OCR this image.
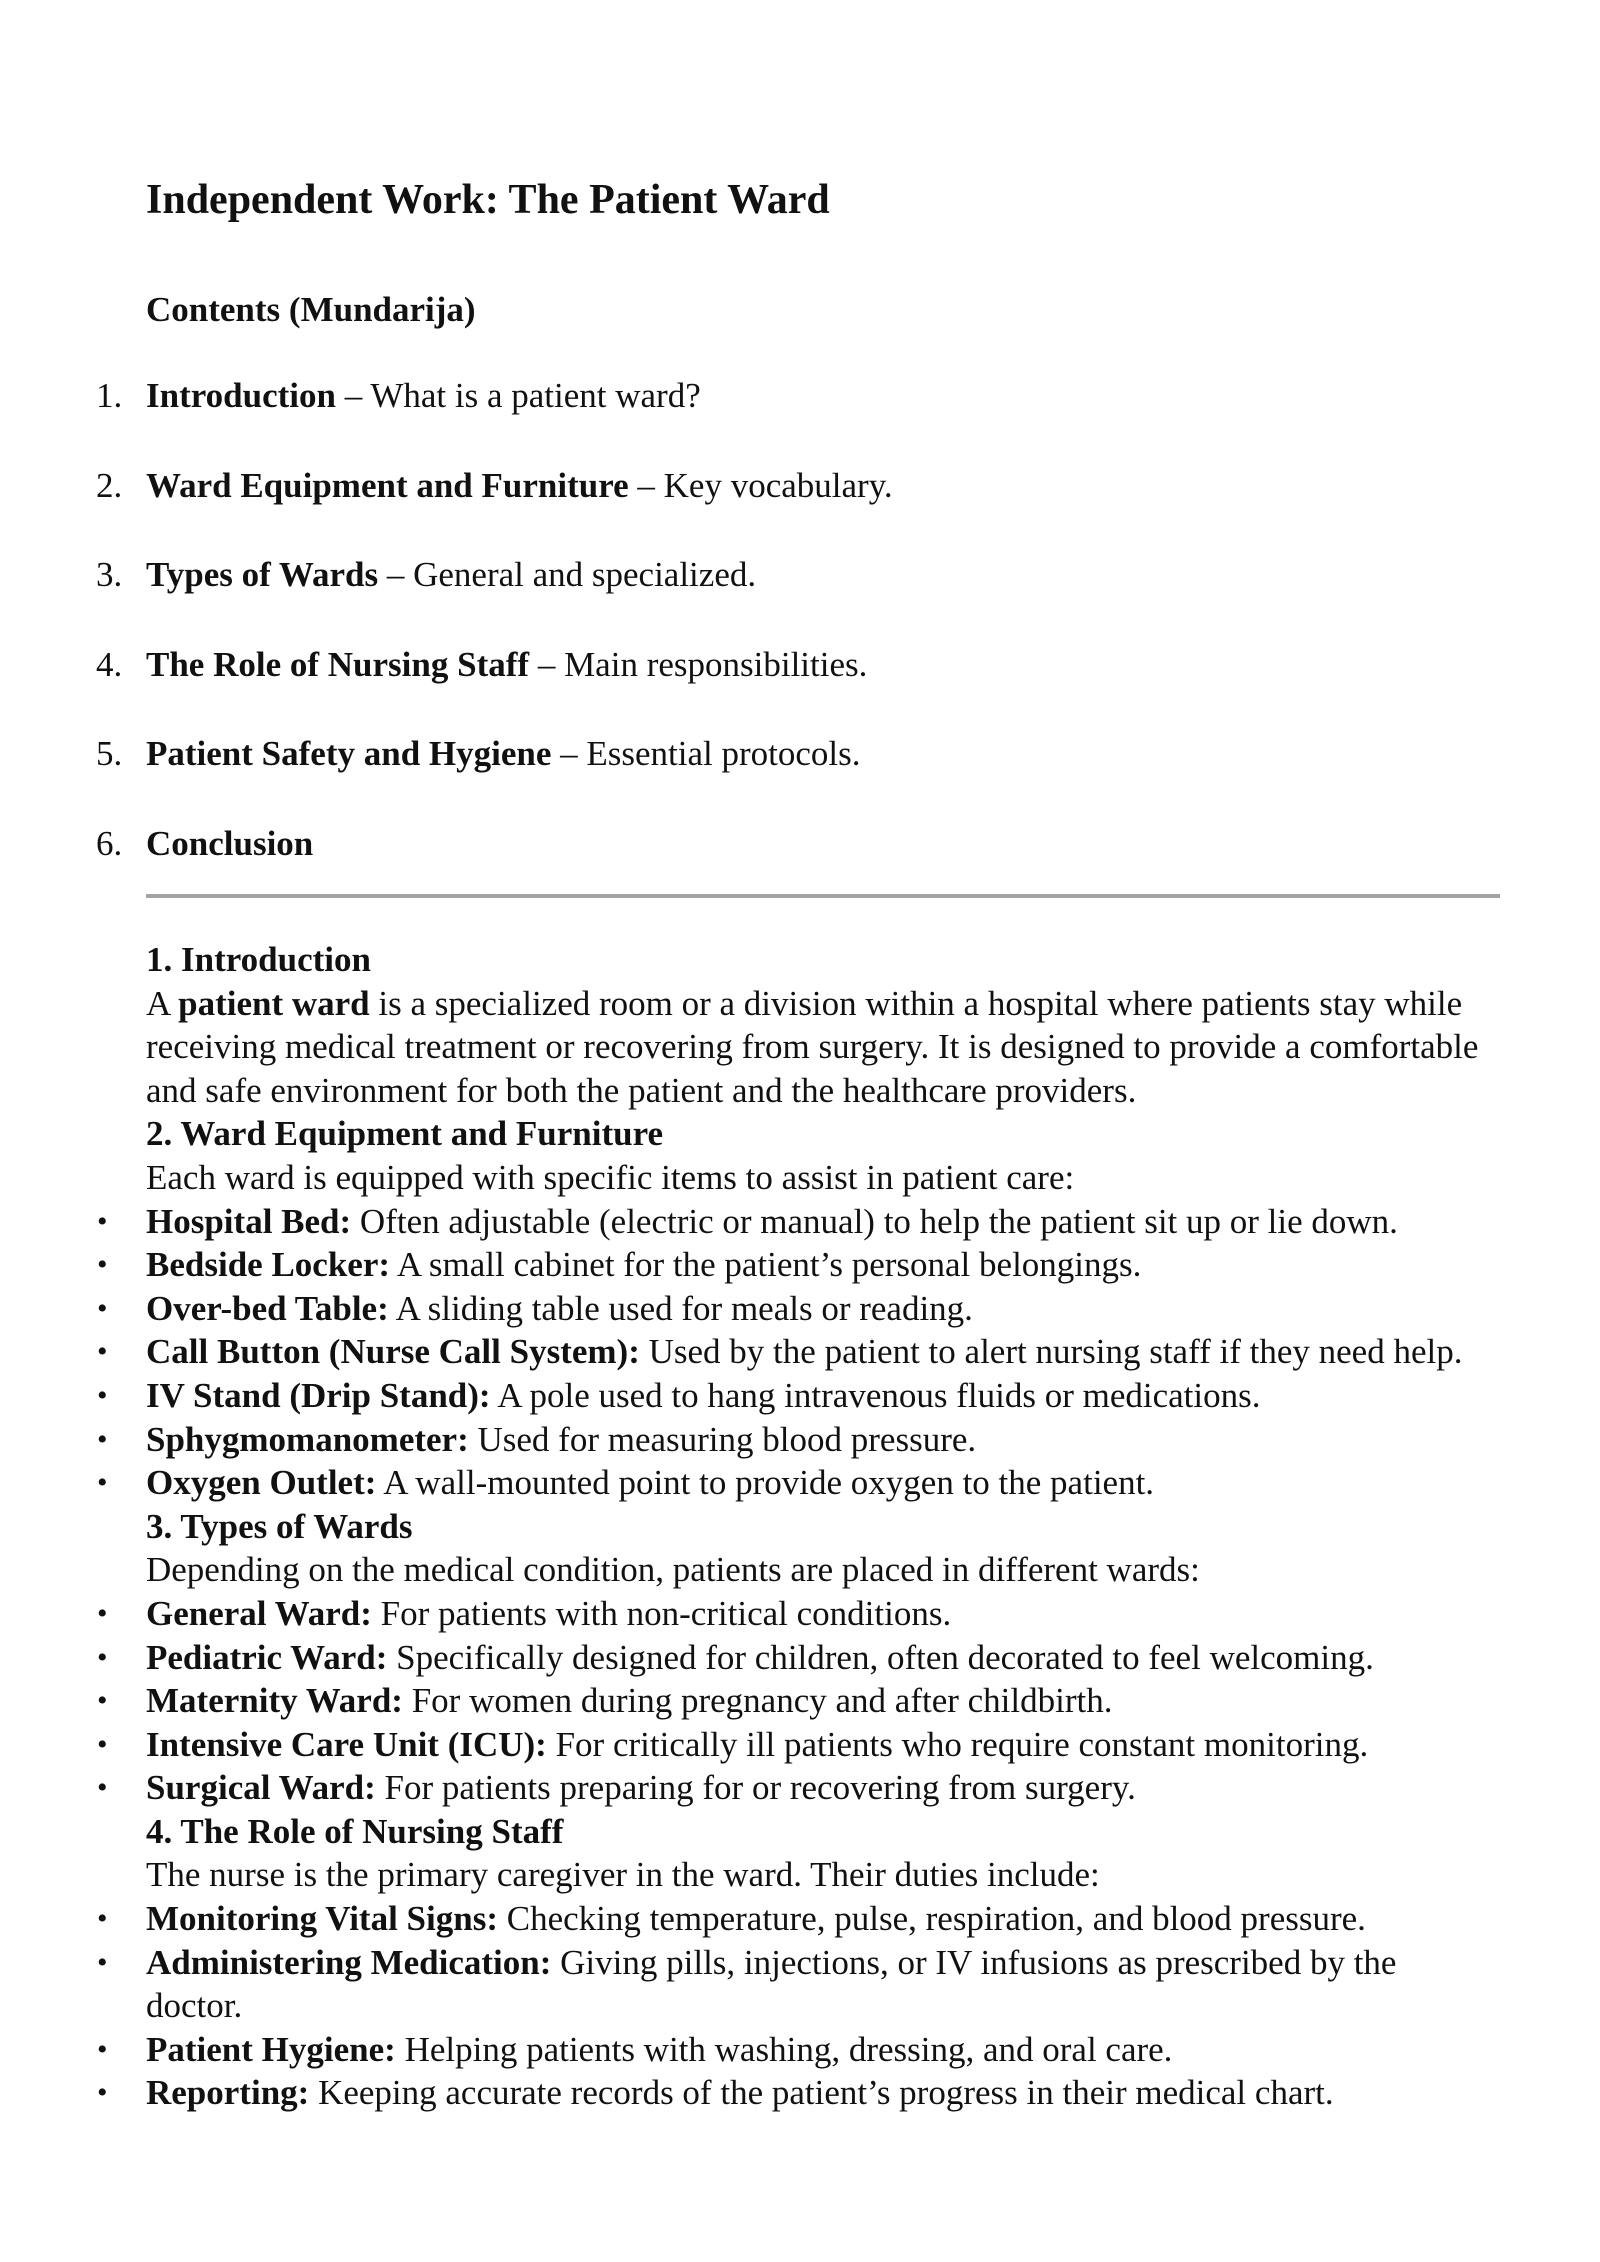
Independent Work: The Patient Ward
Contents (Mundarija)
1. Introduction – What is a patient ward?
2. Ward Equipment and Furniture – Key vocabulary.
3. Types of Wards – General and specialized.
4. The Role of Nursing Staff – Main responsibilities.
5. Patient Safety and Hygiene – Essential protocols.
6. Conclusion
1. Introduction
A patient ward is a specialized room or a division within a hospital where patients stay while receiving medical treatment or recovering from surgery. It is designed to provide a comfortable and safe environment for both the patient and the healthcare providers.
2. Ward Equipment and Furniture
Each ward is equipped with specific items to assist in patient care:
• Hospital Bed: Often adjustable (electric or manual) to help the patient sit up or lie down.
• Bedside Locker: A small cabinet for the patient’s personal belongings.
• Over-bed Table: A sliding table used for meals or reading.
• Call Button (Nurse Call System): Used by the patient to alert nursing staff if they need help.
• IV Stand (Drip Stand): A pole used to hang intravenous fluids or medications.
• Sphygmomanometer: Used for measuring blood pressure.
• Oxygen Outlet: A wall-mounted point to provide oxygen to the patient.
3. Types of Wards
Depending on the medical condition, patients are placed in different wards:
• General Ward: For patients with non-critical conditions.
• Pediatric Ward: Specifically designed for children, often decorated to feel welcoming.
• Maternity Ward: For women during pregnancy and after childbirth.
• Intensive Care Unit (ICU): For critically ill patients who require constant monitoring.
• Surgical Ward: For patients preparing for or recovering from surgery.
4. The Role of Nursing Staff
The nurse is the primary caregiver in the ward. Their duties include:
• Monitoring Vital Signs: Checking temperature, pulse, respiration, and blood pressure.
• Administering Medication: Giving pills, injections, or IV infusions as prescribed by the doctor.
• Patient Hygiene: Helping patients with washing, dressing, and oral care.
• Reporting: Keeping accurate records of the patient’s progress in their medical chart.
